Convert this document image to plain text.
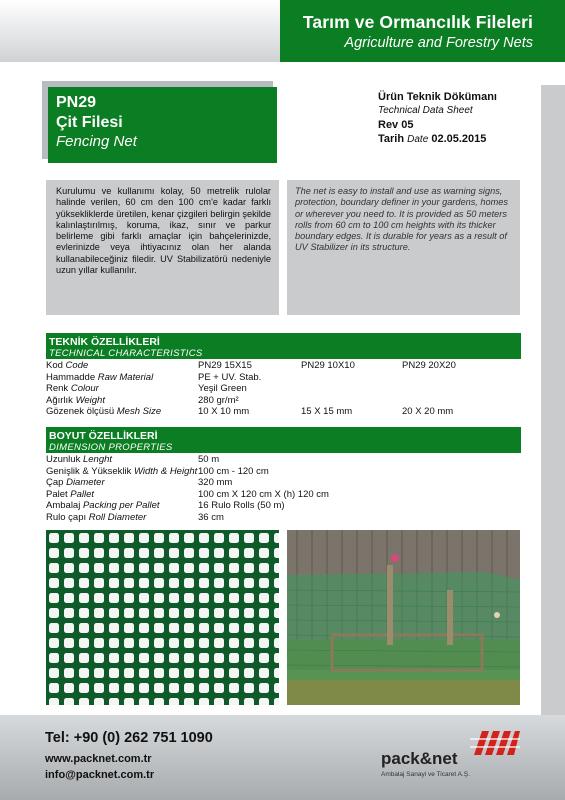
Tarım ve Ormancılık Fileleri
Agriculture and Forestry Nets
PN29
Çit Filesi
Fencing Net
Ürün Teknik Dökümanı
Technical Data Sheet
Rev 05
Tarih Date 02.05.2015
Kurulumu ve kullanımı kolay, 50 metrelik rulolar halinde verilen, 60 cm den 100 cm'e kadar farklı yüksekliklerde üretilen, kenar çizgileri belirgin şekilde kalınlaştırılmış, koruma, ikaz, sınır ve parkur belirleme gibi farklı amaçlar için bahçelerinizde, evlerinizde veya ihtiyacınız olan her alanda kullanabileceğiniz filedir. UV Stabilizatörü nedeniyle uzun yıllar kullanılır.
The net is easy to install and use as warning signs, protection, boundary definer in your gardens, homes or wherever you need to. It is provided as 50 meters rolls from 60 cm to 100 cm heights with its thicker boundary edges. It is durable for years as a result of UV Stabilizer in its structure.
TEKNİK ÖZELLİKLERİ
TECHNICAL CHARACTERISTICS
Kod Code	PN29 15X15	PN29 10X10	PN29 20X20
Hammadde Raw Material	PE + UV. Stab.
Renk Colour	Yeşil Green
Ağırlık Weight	280 gr/m²
Gözenek ölçüsü Mesh Size	10 X 10 mm	15 X 15 mm	20 X 20 mm
BOYUT ÖZELLİKLERİ
DIMENSION PROPERTIES
Uzunluk Lenght	50 m
Genişlik & Yükseklik Width & Height 100 cm - 120 cm
Çap Diameter	320 mm
Palet Pallet	100 cm X 120 cm X (h) 120 cm
Ambalaj Packing per Pallet	16 Rulo Rolls (50 m)
Rulo çapı Roll Diameter	36 cm
Tel: +90 (0) 262 751 1090
www.packnet.com.tr
info@packnet.com.tr
pack&net
Ambalaj Sanayi ve Ticaret A.Ş.
